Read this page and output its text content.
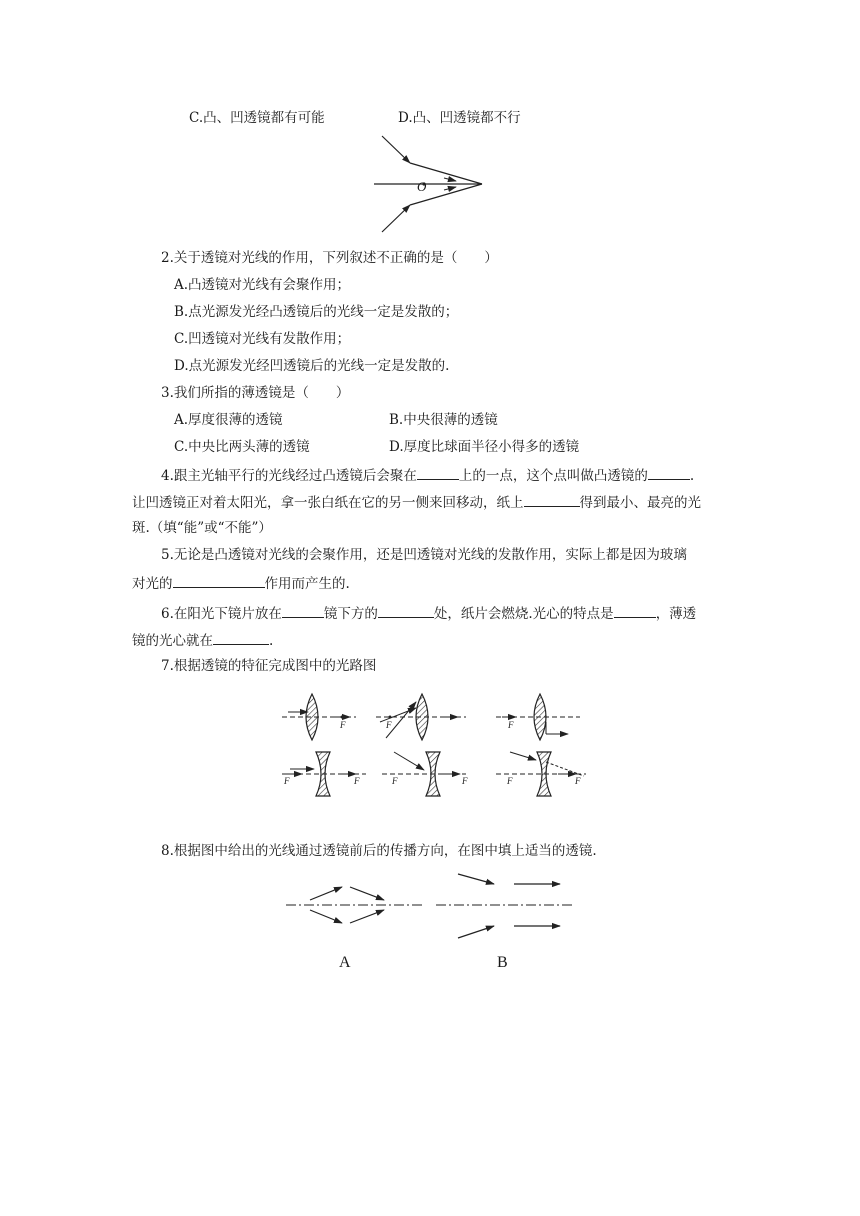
C.凸、凹透镜都有可能	D.凸、凹透镜都不行
O
2.关于透镜对光线的作用，下列叙述不正确的是（　　）
A.凸透镜对光线有会聚作用；
B.点光源发光经凸透镜后的光线一定是发散的；
C.凹透镜对光线有发散作用；
D.点光源发光经凹透镜后的光线一定是发散的.
3.我们所指的薄透镜是（　　）
A.厚度很薄的透镜	B.中央很薄的透镜
C.中央比两头薄的透镜	D.厚度比球面半径小得多的透镜
4.跟主光轴平行的光线经过凸透镜后会聚在	上的一点，这个点叫做凸透镜的	.
让凹透镜正对着太阳光，拿一张白纸在它的另一侧来回移动，纸上	得到最小、最亮的光
斑.（填“能”或“不能”）
5.无论是凸透镜对光线的会聚作用，还是凹透镜对光线的发散作用，实际上都是因为玻璃
对光的	作用而产生的.
6.在阳光下镜片放在	镜下方的	处，纸片会燃烧.光心的特点是	，薄透
镜的光心就在	.
7.根据透镜的特征完成图中的光路图
F	F	F
F	F	F	F	F	F
8.根据图中给出的光线通过透镜前后的传播方向，在图中填上适当的透镜.
A	B
